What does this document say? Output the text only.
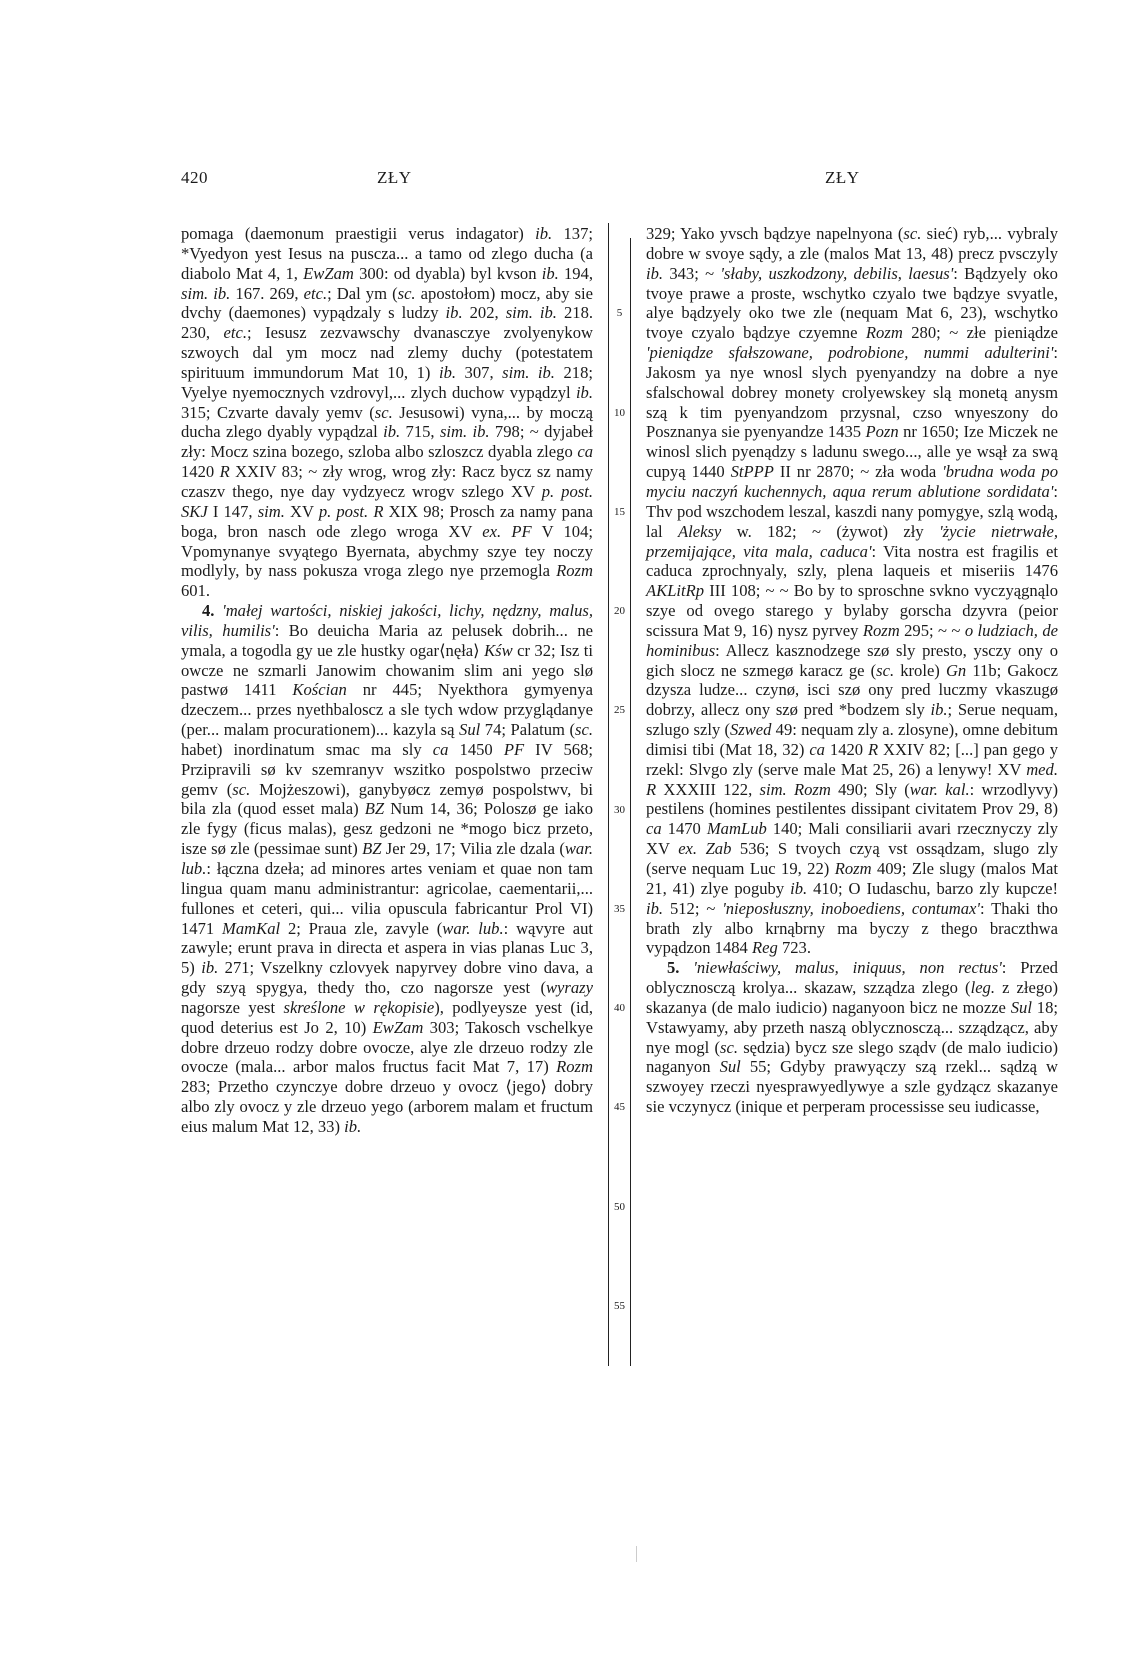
420	ZŁY	ZŁY

pomaga (daemonum praestigii verus indagator) ib. 137; *Vyedyon yest Iesus na puscza... a tamo od zlego ducha (a diabolo Mat 4, 1, EwZam 300: od dyabla) byl kvson ib. 194, sim. ib. 167. 269, etc.; Dal ym (sc. apostołom) mocz, aby sie dvchy (daemones) vypądzaly s ludzy ib. 202, sim. ib. 218. 230, etc.; Iesusz zezvawschy dvanasczye zvolyenykow szwoych dal ym mocz nad zlemy duchy (potestatem spirituum immundorum Mat 10, 1) ib. 307, sim. ib. 218; Vyelye nyemocznych vzdrovyl,... zlych duchow vypądzyl ib. 315; Czvarte davaly yemv (sc. Jesusowi) vyna,... by moczą ducha zlego dyably vypądzal ib. 715, sim. ib. 798; ~ dyjabeł zły: Mocz szina bozego, szloba albo szloszcz dyabla zlego ca 1420 R XXIV 83; ~ zły wrog, wrog zły: Racz bycz sz namy czaszv thego, nye day vydzyecz wrogv szlego XV p. post. SKJ I 147, sim. XV p. post. R XIX 98; Prosch za namy pana boga, bron nasch ode zlego wroga XV ex. PF V 104; Vpomynanye svyątego Byernata, abychmy szye tey noczy modlyly, by nass pokusza vroga zlego nye przemogla Rozm 601.

4. 'małej wartości, niskiej jakości, lichy, nędzny, malus, vilis, humilis': Bo deuicha Maria az pelusek dobrih... ne ymala, a togodla gy ue zle hustky ogar⟨nęła⟩ Kśw cr 32; Isz ti owcze ne szmarli Janowim chowanim slim ani yego slø pastwø 1411 Kościan nr 445; Nyekthora gymyenya dzeczem... przes nyethbaloscz a sle tych wdow przyglądanye (per... malam procurationem)... kazyla są Sul 74; Palatum (sc. habet) inordinatum smac ma sly ca 1450 PF IV 568; Przipravili sø kv szemranyv wszitko pospolstwo przeciw gemv (sc. Mojżeszowi), ganybyøcz zemyø pospolstwv, bi bila zla (quod esset mala) BZ Num 14, 36; Poloszø ge iako zle fygy (ficus malas), gesz gedzoni ne *mogo bicz przeto, isze sø zle (pessimae sunt) BZ Jer 29, 17; Vilia zle dzala (war. lub.: łączna dzeła; ad minores artes veniam et quae non tam lingua quam manu administrantur: agricolae, caementarii,... fullones et ceteri, qui... vilia opuscula fabricantur Prol VI) 1471 MamKal 2; Praua zle, zavyle (war. lub.: wąvyre aut zawyle; erunt prava in directa et aspera in vias planas Luc 3, 5) ib. 271; Vszelkny czlovyek napyrvey dobre vino dava, a gdy szyą spygya, thedy tho, czo nagorsze yest (wyrazy nagorsze yest skreślone w rękopisie), podlyeysze yest (id, quod deterius est Jo 2, 10) EwZam 303; Takosch vschelkye dobre drzeuo rodzy dobre ovocze, alye zle drzeuo rodzy zle ovocze (mala... arbor malos fructus facit Mat 7, 17) Rozm 283; Przetho czynczye dobre drzeuo y ovocz ⟨jego⟩ dobry albo zly ovocz y zle drzeuo yego (arborem malam et fructum eius malum Mat 12, 33) ib.

5
10
15
20
25
30
35
40
45
50
55

329; Yako yvsch bądzye napelnyona (sc. sieć) ryb,... vybraly dobre w svoye sądy, a zle (malos Mat 13, 48) precz pvsczyly ib. 343; ~ 'słaby, uszkodzony, debilis, laesus': Bądzyely oko tvoye prawe a proste, wschytko czyalo twe bądzye svyatle, alye bądzyely oko twe zle (nequam Mat 6, 23), wschytko tvoye czyalo bądzye czyemne Rozm 280; ~ złe pieniądze 'pieniądze sfałszowane, podrobione, nummi adulterini': Jakosm ya nye wnosl slych pyenyandzy na dobre a nye sfalschowal dobrey monety crolyewskey slą monetą anysm szą k tim pyenyandzom przysnal, czso wnyeszony do Posznanya sie pyenyandze 1435 Pozn nr 1650; Ize Miczek ne winosl slich pyenądzy s ladunu swego..., alle ye wsął za swą cupyą 1440 StPPP II nr 2870; ~ zła woda 'brudna woda po myciu naczyń kuchennych, aqua rerum ablutione sordidata': Thv pod wszchodem leszal, kaszdi nany pomygye, szlą wodą, lal Aleksy w. 182; ~ (żywot) zły 'życie nietrwałe, przemijające, vita mala, caduca': Vita nostra est fragilis et caduca zprochnyaly, szly, plena laqueis et miseriis 1476 AKLitRp III 108; ~ ~ Bo by to sproschne svkno vyczyągnąlo szye od ovego starego y bylaby gorscha dzyvra (peior scissura Mat 9, 16) nysz pyrvey Rozm 295; ~ ~ o ludziach, de hominibus: Allecz kasznodzege szø sly presto, ysczy ony o gich slocz ne szmegø karacz ge (sc. krole) Gn 11b; Gakocz dzysza ludze... czynø, isci szø ony pred luczmy vkaszugø dobrzy, allecz ony szø pred *bodzem sly ib.; Serue nequam, szlugo szly (Szwed 49: nequam zly a. zlosyne), omne debitum dimisi tibi (Mat 18, 32) ca 1420 R XXIV 82; [...] pan gego y rzekl: Slvgo zly (serve male Mat 25, 26) a lenywy! XV med. R XXXIII 122, sim. Rozm 490; Sly (war. kal.: wrzodlyvy) pestilens (homines pestilentes dissipant civitatem Prov 29, 8) ca 1470 MamLub 140; Mali consiliarii avari rzecznyczy zly XV ex. Zab 536; S tvoych czyą vst ossądzam, slugo zly (serve nequam Luc 19, 22) Rozm 409; Zle slugy (malos Mat 21, 41) zlye poguby ib. 410; O Iudaschu, barzo zly kupcze! ib. 512; ~ 'nieposłuszny, inoboediens, contumax': Thaki tho brath zly albo krnąbrny ma byczy z thego braczthwa vypądzon 1484 Reg 723.

5. 'niewłaściwy, malus, iniquus, non rectus': Przed oblycznosczą krolya... skazaw, szządza zlego (leg. z złego) skazanya (de malo iudicio) naganyoon bicz ne mozze Sul 18; Vstawyamy, aby przeth naszą oblycznosczą... szządzącz, aby nye mogl (sc. sędzia) bycz sze slego sządv (de malo iudicio) naganyon Sul 55; Gdyby prawyączy szą rzekl... sądzą w szwoyey rzeczi nyesprawyedlywye a szle gydzącz skazanye sie vczynycz (inique et perperam processisse seu iudicasse,
